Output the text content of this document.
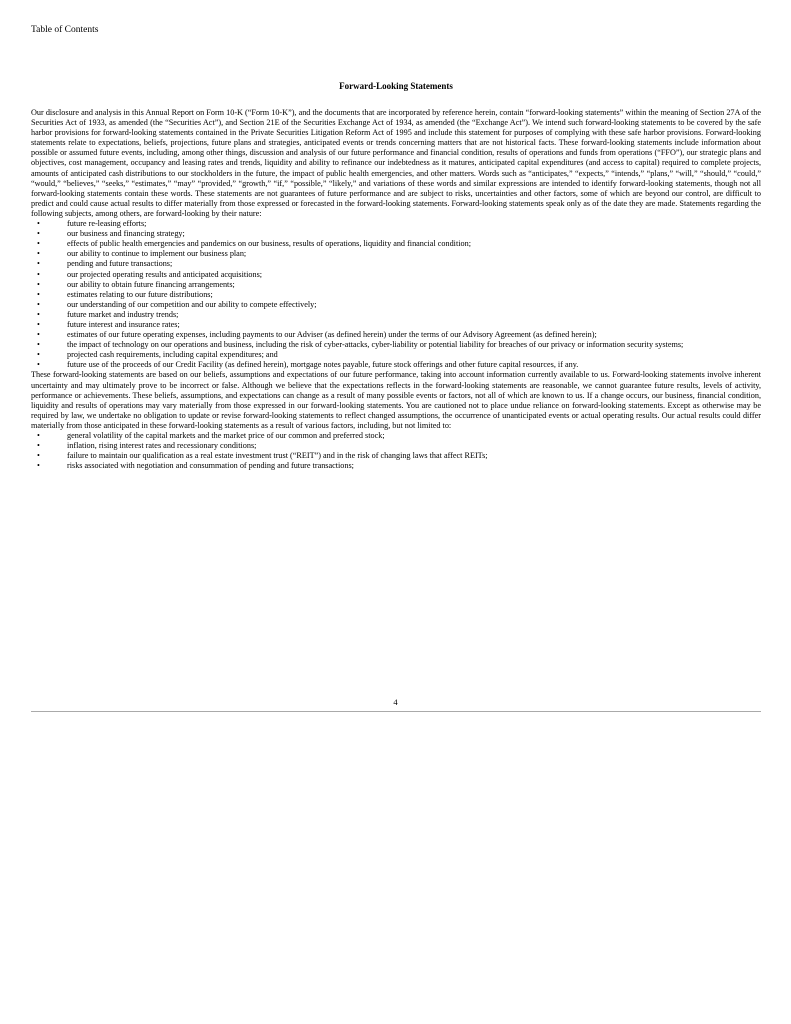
Table of Contents
Forward-Looking Statements

Our disclosure and analysis in this Annual Report on Form 10-K (“Form 10-K”), and the documents that are incorporated by reference herein, contain “forward-looking statements” within the meaning of Section 27A of the Securities Act of 1933, as amended (the “Securities Act”), and Section 21E of the Securities Exchange Act of 1934, as amended (the “Exchange Act”). We intend such forward-looking statements to be covered by the safe harbor provisions for forward-looking statements contained in the Private Securities Litigation Reform Act of 1995 and include this statement for purposes of complying with these safe harbor provisions. Forward-looking statements relate to expectations, beliefs, projections, future plans and strategies, anticipated events or trends concerning matters that are not historical facts. These forward-looking statements include information about possible or assumed future events, including, among other things, discussion and analysis of our future performance and financial condition, results of operations and funds from operations (“FFO”), our strategic plans and objectives, cost management, occupancy and leasing rates and trends, liquidity and ability to refinance our indebtedness as it matures, anticipated capital expenditures (and access to capital) required to complete projects, amounts of anticipated cash distributions to our stockholders in the future, the impact of public health emergencies, and other matters. Words such as “anticipates,” “expects,” “intends,” “plans,” “will,” “should,” “could,” “would,” “believes,” “seeks,” “estimates,” “may” “provided,” “growth,” “if,” “possible,” “likely,” and variations of these words and similar expressions are intended to identify forward-looking statements, though not all forward-looking statements contain these words. These statements are not guarantees of future performance and are subject to risks, uncertainties and other factors, some of which are beyond our control, are difficult to predict and could cause actual results to differ materially from those expressed or forecasted in the forward-looking statements. Forward-looking statements speak only as of the date they are made. Statements regarding the following subjects, among others, are forward-looking by their nature:

•	future re-leasing efforts;
•	our business and financing strategy;
•	effects of public health emergencies and pandemics on our business, results of operations, liquidity and financial condition;
•	our ability to continue to implement our business plan;
•	pending and future transactions;
•	our projected operating results and anticipated acquisitions;
•	our ability to obtain future financing arrangements;
•	estimates relating to our future distributions;
•	our understanding of our competition and our ability to compete effectively;
•	future market and industry trends;
•	future interest and insurance rates;
•	estimates of our future operating expenses, including payments to our Adviser (as defined herein) under the terms of our Advisory Agreement (as defined herein);
•	the impact of technology on our operations and business, including the risk of cyber-attacks, cyber-liability or potential liability for breaches of our privacy or information security systems;
•	projected cash requirements, including capital expenditures; and
•	future use of the proceeds of our Credit Facility (as defined herein), mortgage notes payable, future stock offerings and other future capital resources, if any.

These forward-looking statements are based on our beliefs, assumptions and expectations of our future performance, taking into account information currently available to us. Forward-looking statements involve inherent uncertainty and may ultimately prove to be incorrect or false. Although we believe that the expectations reflects in the forward-looking statements are reasonable, we cannot guarantee future results, levels of activity, performance or achievements. These beliefs, assumptions, and expectations can change as a result of many possible events or factors, not all of which are known to us. If a change occurs, our business, financial condition, liquidity and results of operations may vary materially from those expressed in our forward-looking statements. You are cautioned not to place undue reliance on forward-looking statements. Except as otherwise may be required by law, we undertake no obligation to update or revise forward-looking statements to reflect changed assumptions, the occurrence of unanticipated events or actual operating results. Our actual results could differ materially from those anticipated in these forward-looking statements as a result of various factors, including, but not limited to:

•	general volatility of the capital markets and the market price of our common and preferred stock;
•	inflation, rising interest rates and recessionary conditions;
•	failure to maintain our qualification as a real estate investment trust (“REIT”) and in the risk of changing laws that affect REITs;
•	risks associated with negotiation and consummation of pending and future transactions;
4
